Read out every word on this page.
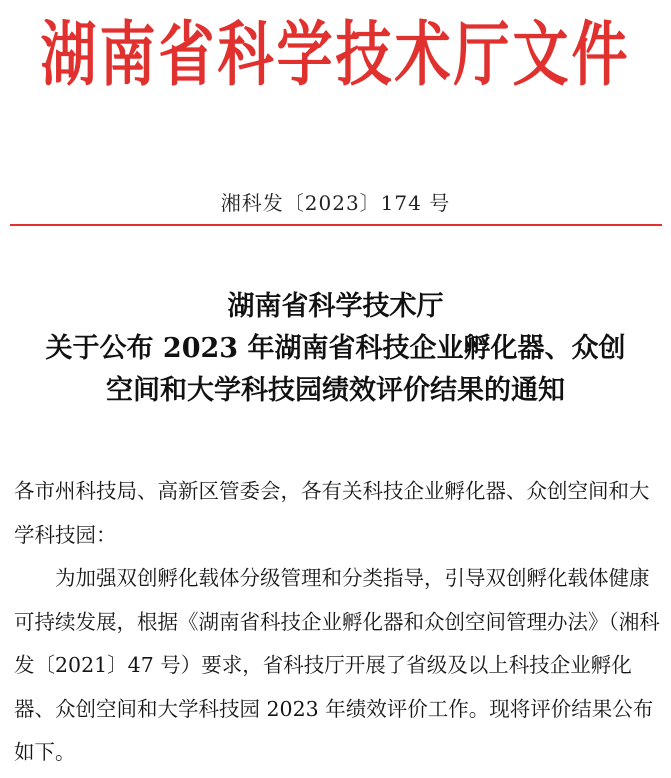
湖南省科学技术厅文件
湘科发〔2023〕174 号
湖南省科学技术厅
关于公布 2023 年湖南省科技企业孵化器、众创
空间和大学科技园绩效评价结果的通知

各市州科技局、高新区管委会，各有关科技企业孵化器、众创空间和大学科技园：

为加强双创孵化载体分级管理和分类指导，引导双创孵化载体健康可持续发展，根据《湖南省科技企业孵化器和众创空间管理办法》（湘科发〔2021〕47 号）要求，省科技厅开展了省级及以上科技企业孵化器、众创空间和大学科技园 2023 年绩效评价工作。现将评价结果公布如下。
